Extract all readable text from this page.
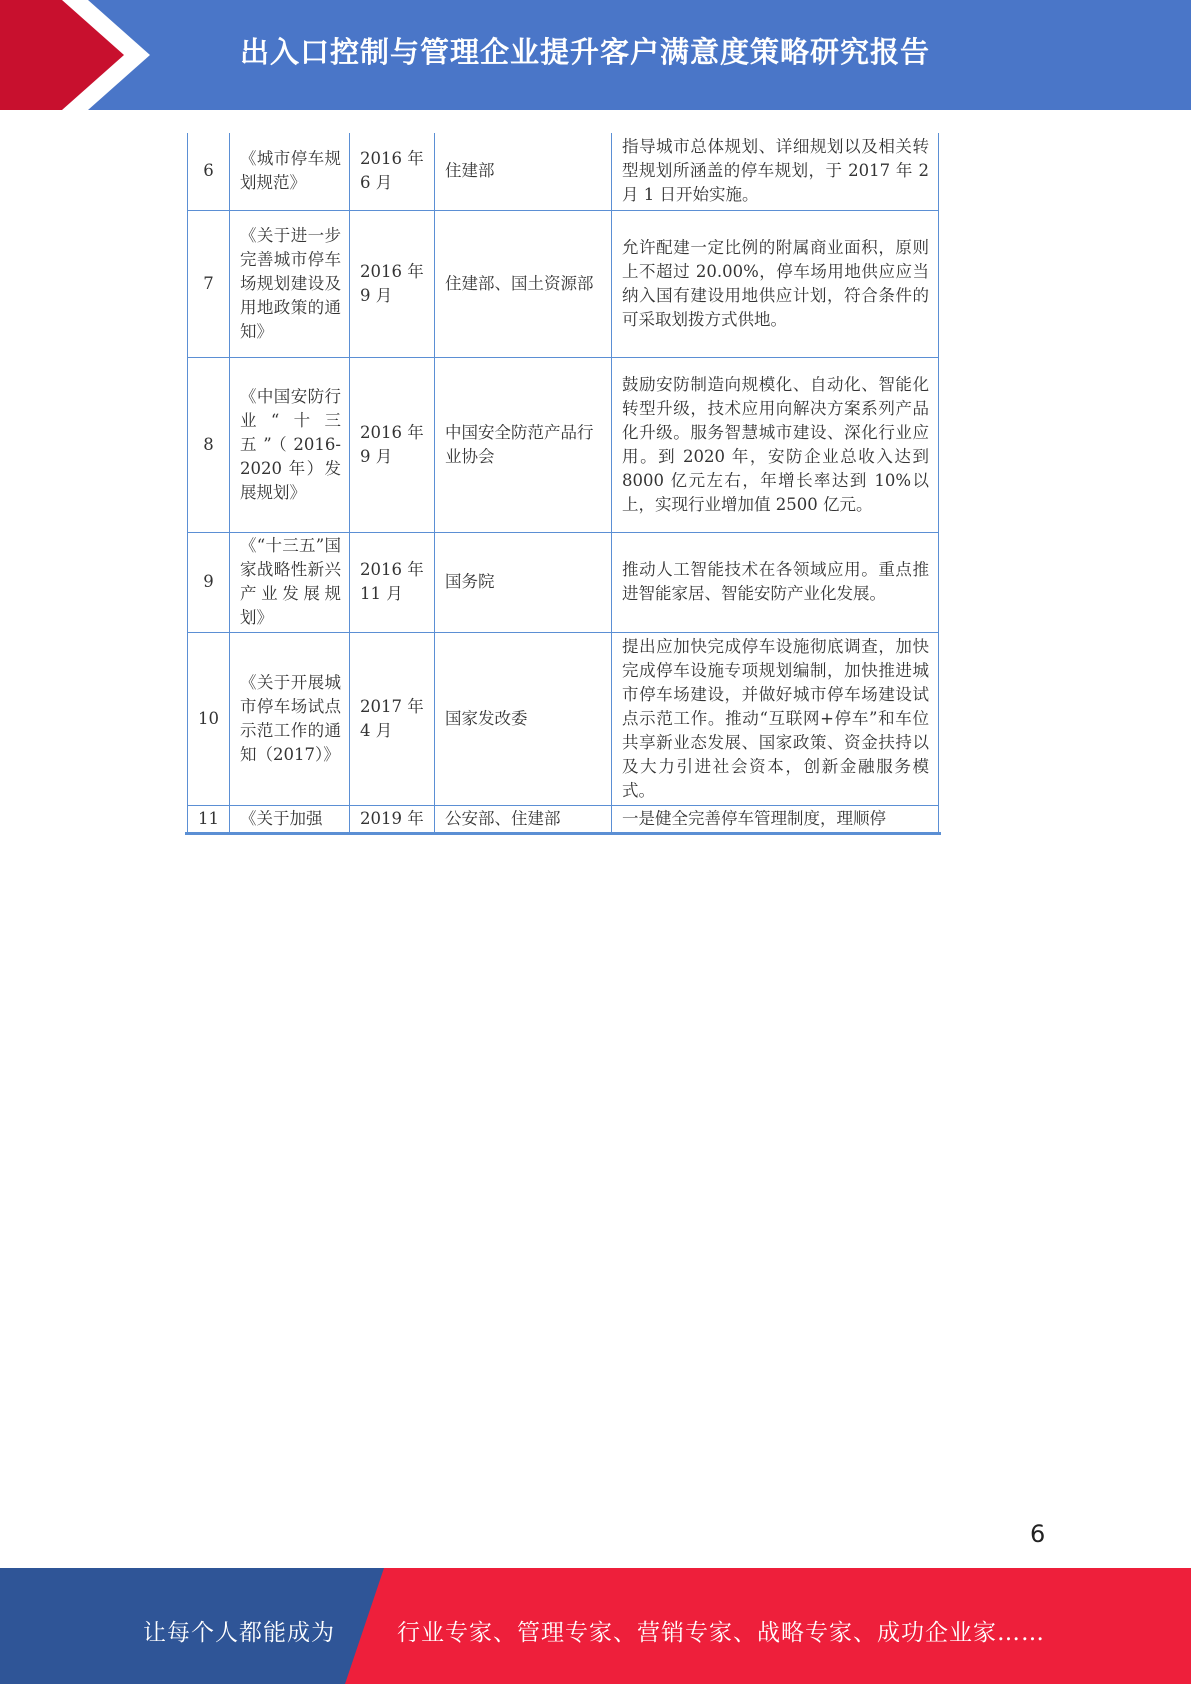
出入口控制与管理企业提升客户满意度策略研究报告
6	《城市停车规划规范》	2016 年 6 月	住建部	指导城市总体规划、详细规划以及相关转型规划所涵盖的停车规划，于 2017 年 2 月 1 日开始实施。
7	《关于进一步完善城市停车场规划建设及用地政策的通知》	2016 年 9 月	住建部、国土资源部	允许配建一定比例的附属商业面积，原则上不超过 20.00%，停车场用地供应应当纳入国有建设用地供应计划，符合条件的可采取划拨方式供地。
8	《中国安防行业“十三五”（2016-2020 年）发展规划》	2016 年 9 月	中国安全防范产品行业协会	鼓励安防制造向规模化、自动化、智能化转型升级，技术应用向解决方案系列产品化升级。服务智慧城市建设、深化行业应用。到 2020 年，安防企业总收入达到 8000 亿元左右，年增长率达到 10%以上，实现行业增加值 2500 亿元。
9	《“十三五”国家战略性新兴产业发展规划》	2016 年 11 月	国务院	推动人工智能技术在各领域应用。重点推进智能家居、智能安防产业化发展。
10	《关于开展城市停车场试点示范工作的通知（2017）》	2017 年 4 月	国家发改委	提出应加快完成停车设施彻底调查，加快完成停车设施专项规划编制，加快推进城市停车场建设，并做好城市停车场建设试点示范工作。推动“互联网+停车”和车位共享新业态发展、国家政策、资金扶持以及大力引进社会资本，创新金融服务模式。
11	《关于加强	2019 年	公安部、住建部	一是健全完善停车管理制度，理顺停
6
让每个人都能成为	行业专家、管理专家、营销专家、战略专家、成功企业家……
